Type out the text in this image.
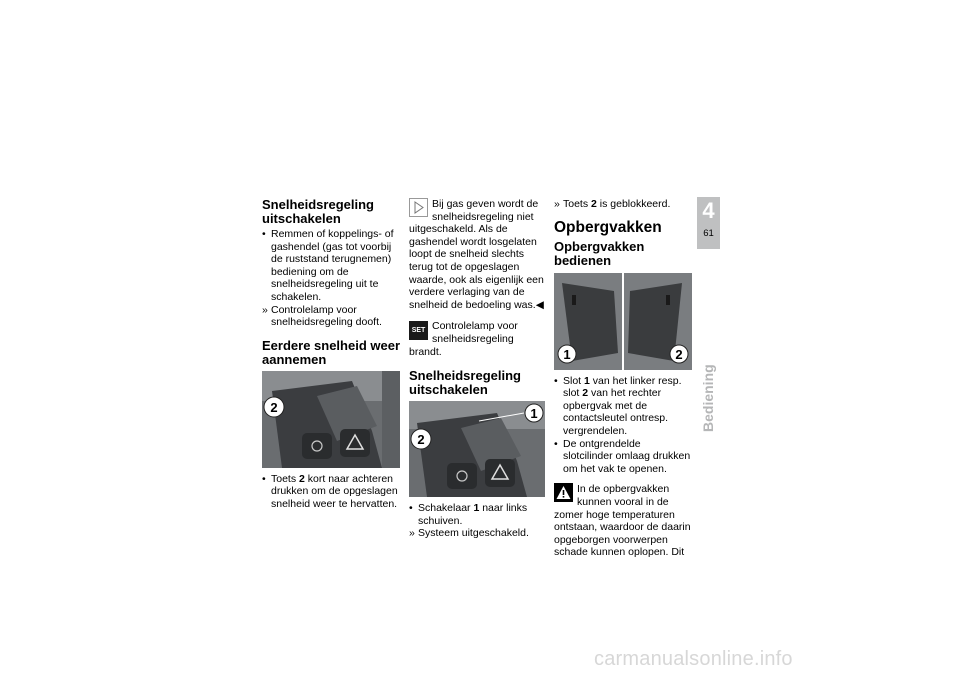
Snelheidsregeling uitschakelen

• Remmen of koppelings- of gashendel (gas tot voorbij de ruststand terugnemen) bediening om de snelheidsregeling uit te schakelen.

» Controlelamp voor snelheidsregeling dooft.

Eerdere snelheid weer aannemen
2

• Toets 2 kort naar achteren drukken om de opgeslagen snelheid weer te hervatten.

Bij gas geven wordt de snelheidsregeling niet uitgeschakeld. Als de gashendel wordt losgelaten loopt de snelheid slechts terug tot de opgeslagen waarde, ook als eigenlijk een verdere verlaging van de snelheid de bedoeling was.◀
SET Controlelamp voor snelheidsregeling brandt.
Snelheidsregeling uitschakelen
1
2

• Schakelaar 1 naar links schuiven.

» Systeem uitgeschakeld.

» Toets 2 is geblokkeerd.

Opbergvakken
Opbergvakken bedienen
1	2

• Slot 1 van het linker resp. slot 2 van het rechter opbergvak met de contactsleutel ontresp. vergrendelen.

• De ontgrendelde slotcilinder omlaag drukken om het vak te openen.

In de opbergvakken kunnen vooral in de zomer hoge temperaturen ontstaan, waardoor de daarin opgeborgen voorwerpen schade kunnen oplopen. Dit
4
61
Bediening
carmanualsonline.info
